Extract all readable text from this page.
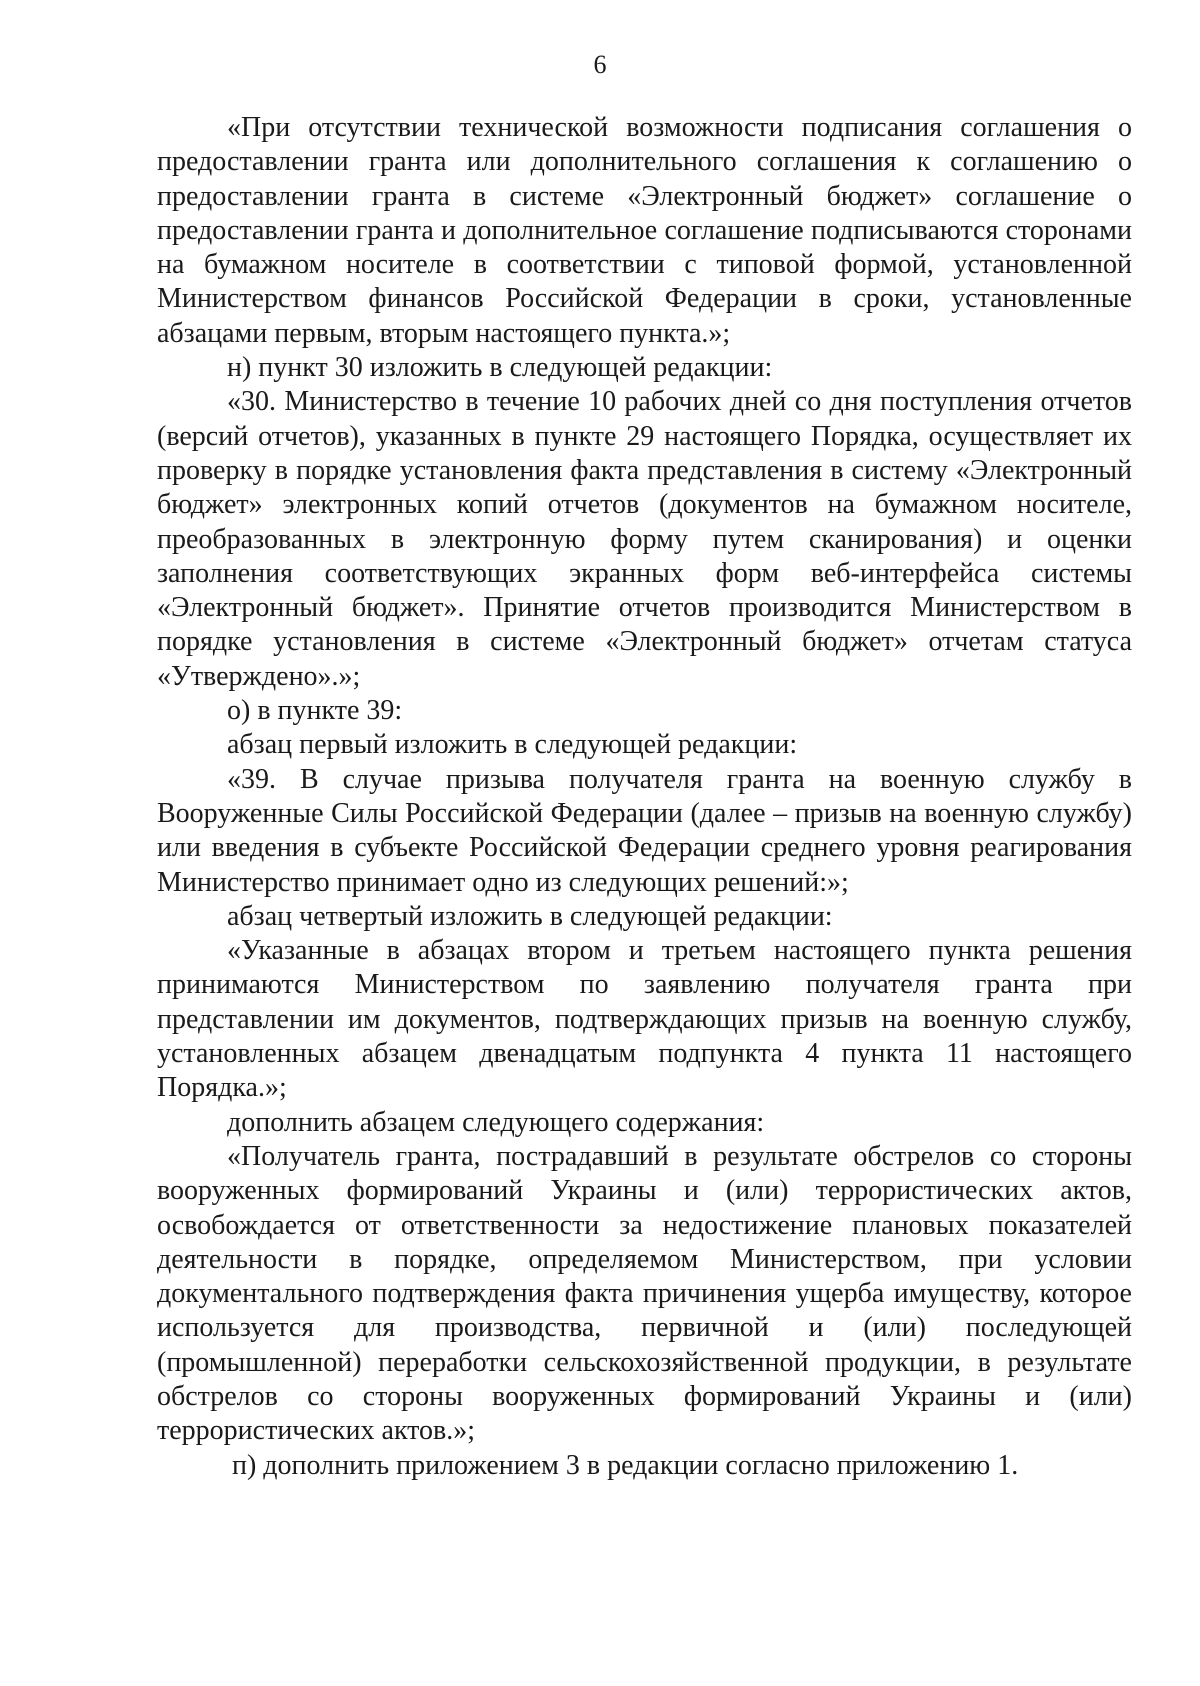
6

«При отсутствии технической возможности подписания соглашения о предоставлении гранта или дополнительного соглашения к соглашению о предоставлении гранта в системе «Электронный бюджет» соглашение о предоставлении гранта и дополнительное соглашение подписываются сторонами на бумажном носителе в соответствии с типовой формой, установленной Министерством финансов Российской Федерации в сроки, установленные абзацами первым, вторым настоящего пункта.»;

н) пункт 30 изложить в следующей редакции:

«30. Министерство в течение 10 рабочих дней со дня поступления отчетов (версий отчетов), указанных в пункте 29 настоящего Порядка, осуществляет их проверку в порядке установления факта представления в систему «Электронный бюджет» электронных копий отчетов (документов на бумажном носителе, преобразованных в электронную форму путем сканирования) и оценки заполнения соответствующих экранных форм веб-интерфейса системы «Электронный бюджет». Принятие отчетов производится Министерством в порядке установления в системе «Электронный бюджет» отчетам статуса «Утверждено».»;

о) в пункте 39:

абзац первый изложить в следующей редакции:

«39. В случае призыва получателя гранта на военную службу в Вооруженные Силы Российской Федерации (далее – призыв на военную службу) или введения в субъекте Российской Федерации среднего уровня реагирования Министерство принимает одно из следующих решений:»;

абзац четвертый изложить в следующей редакции:

«Указанные в абзацах втором и третьем настоящего пункта решения принимаются Министерством по заявлению получателя гранта при представлении им документов, подтверждающих призыв на военную службу, установленных абзацем двенадцатым подпункта 4 пункта 11 настоящего Порядка.»;

дополнить абзацем следующего содержания:

«Получатель гранта, пострадавший в результате обстрелов со стороны вооруженных формирований Украины и (или) террористических актов, освобождается от ответственности за недостижение плановых показателей деятельности в порядке, определяемом Министерством, при условии документального подтверждения факта причинения ущерба имуществу, которое используется для производства, первичной и (или) последующей (промышленной) переработки сельскохозяйственной продукции, в результате обстрелов со стороны вооруженных формирований Украины и (или) террористических актов.»;

п) дополнить приложением 3 в редакции согласно приложению 1.
